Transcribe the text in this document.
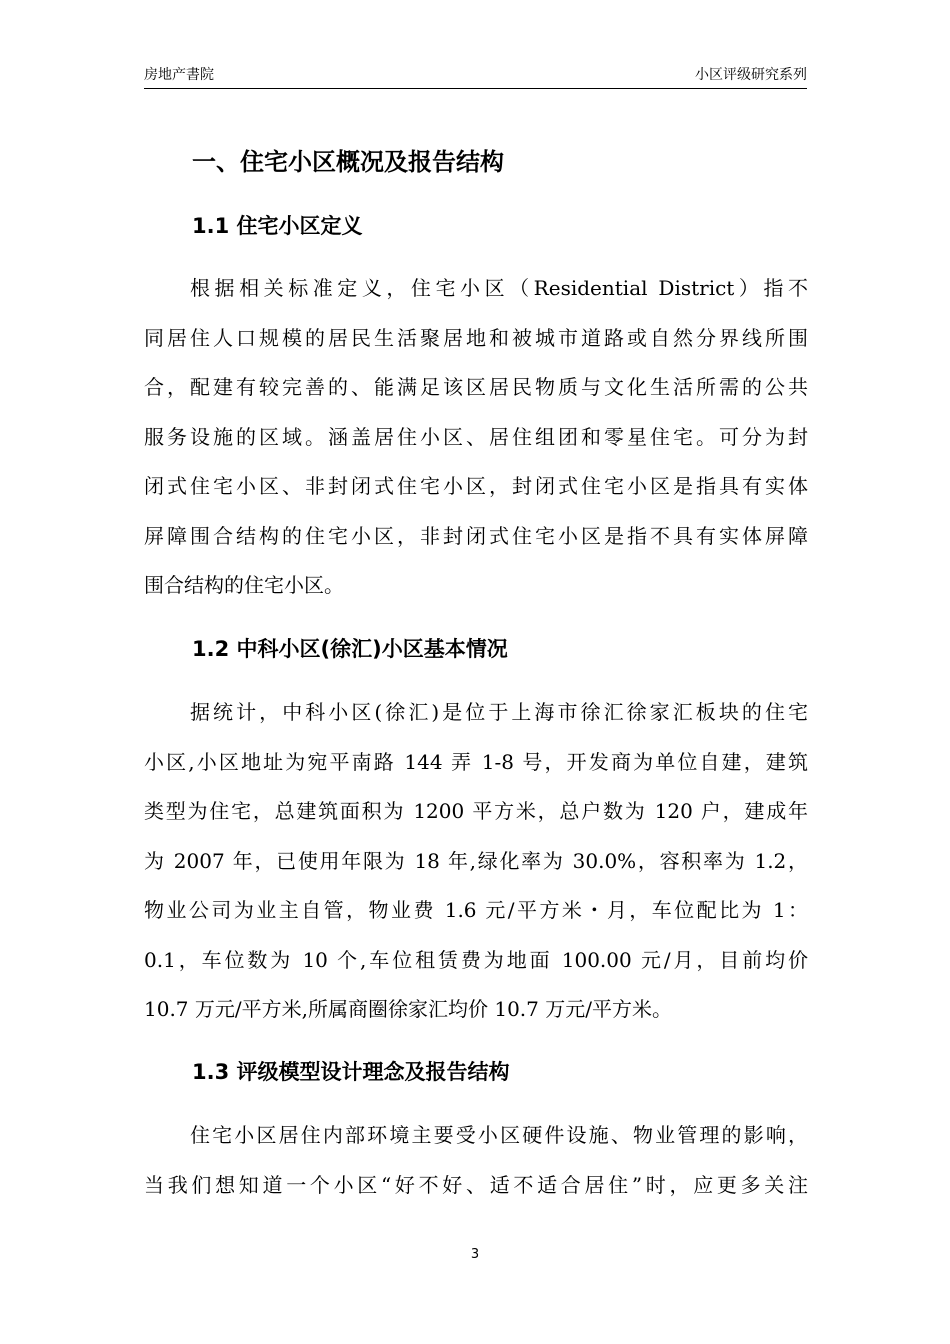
房地产書院	小区评级研究系列
一、住宅小区概况及报告结构
1.1 住宅小区定义
根据相关标准定义，住宅小区（Residential District）指不
同居住人口规模的居民生活聚居地和被城市道路或自然分界线所围
合，配建有较完善的、能满足该区居民物质与文化生活所需的公共
服务设施的区域。涵盖居住小区、居住组团和零星住宅。可分为封
闭式住宅小区、非封闭式住宅小区，封闭式住宅小区是指具有实体
屏障围合结构的住宅小区，非封闭式住宅小区是指不具有实体屏障
围合结构的住宅小区。
1.2 中科小区(徐汇)小区基本情况
据统计，中科小区(徐汇)是位于上海市徐汇徐家汇板块的住宅
小区,小区地址为宛平南路 144 弄 1-8 号，开发商为单位自建，建筑
类型为住宅，总建筑面积为 1200 平方米，总户数为 120 户，建成年
为 2007 年，已使用年限为 18 年,绿化率为 30.0%，容积率为 1.2，
物业公司为业主自管，物业费 1.6 元/平方米・月，车位配比为 1：
0.1，车位数为 10 个,车位租赁费为地面 100.00 元/月，目前均价
10.7 万元/平方米,所属商圈徐家汇均价 10.7 万元/平方米。
1.3 评级模型设计理念及报告结构
住宅小区居住内部环境主要受小区硬件设施、物业管理的影响，
当我们想知道一个小区“好不好、适不适合居住”时，应更多关注
3
